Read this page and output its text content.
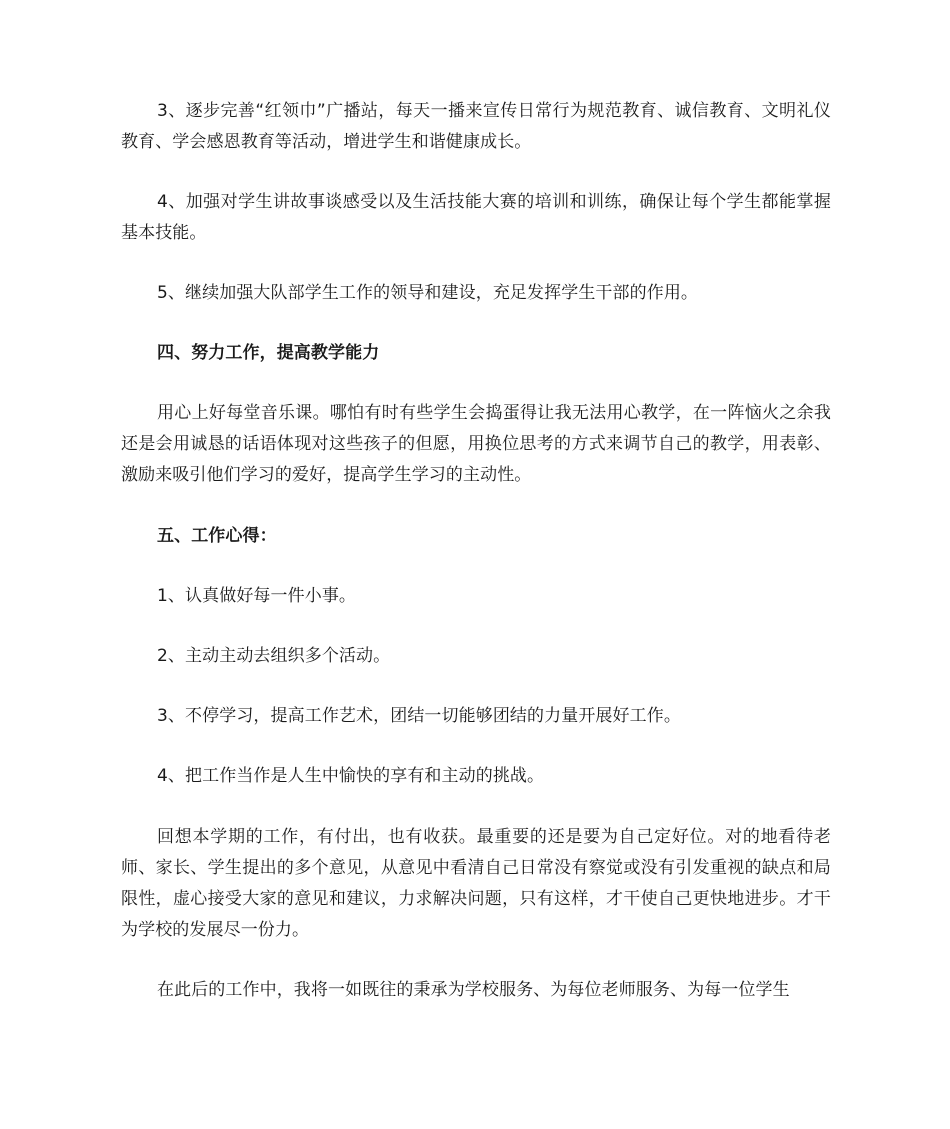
3、逐步完善“红领巾”广播站，每天一播来宣传日常行为规范教育、诚信教育、文明礼仪教育、学会感恩教育等活动，增进学生和谐健康成长。

4、加强对学生讲故事谈感受以及生活技能大赛的培训和训练，确保让每个学生都能掌握基本技能。

5、继续加强大队部学生工作的领导和建设，充足发挥学生干部的作用。

四、努力工作，提高教学能力

用心上好每堂音乐课。哪怕有时有些学生会捣蛋得让我无法用心教学，在一阵恼火之余我还是会用诚恳的话语体现对这些孩子的但愿，用换位思考的方式来调节自己的教学，用表彰、激励来吸引他们学习的爱好，提高学生学习的主动性。

五、工作心得：

1、认真做好每一件小事。

2、主动主动去组织多个活动。

3、不停学习，提高工作艺术，团结一切能够团结的力量开展好工作。

4、把工作当作是人生中愉快的享有和主动的挑战。

回想本学期的工作，有付出，也有收获。最重要的还是要为自己定好位。对的地看待老师、家长、学生提出的多个意见，从意见中看清自己日常没有察觉或没有引发重视的缺点和局限性，虚心接受大家的意见和建议，力求解决问题，只有这样，才干使自己更快地进步。才干为学校的发展尽一份力。

在此后的工作中，我将一如既往的秉承为学校服务、为每位老师服务、为每一位学生
